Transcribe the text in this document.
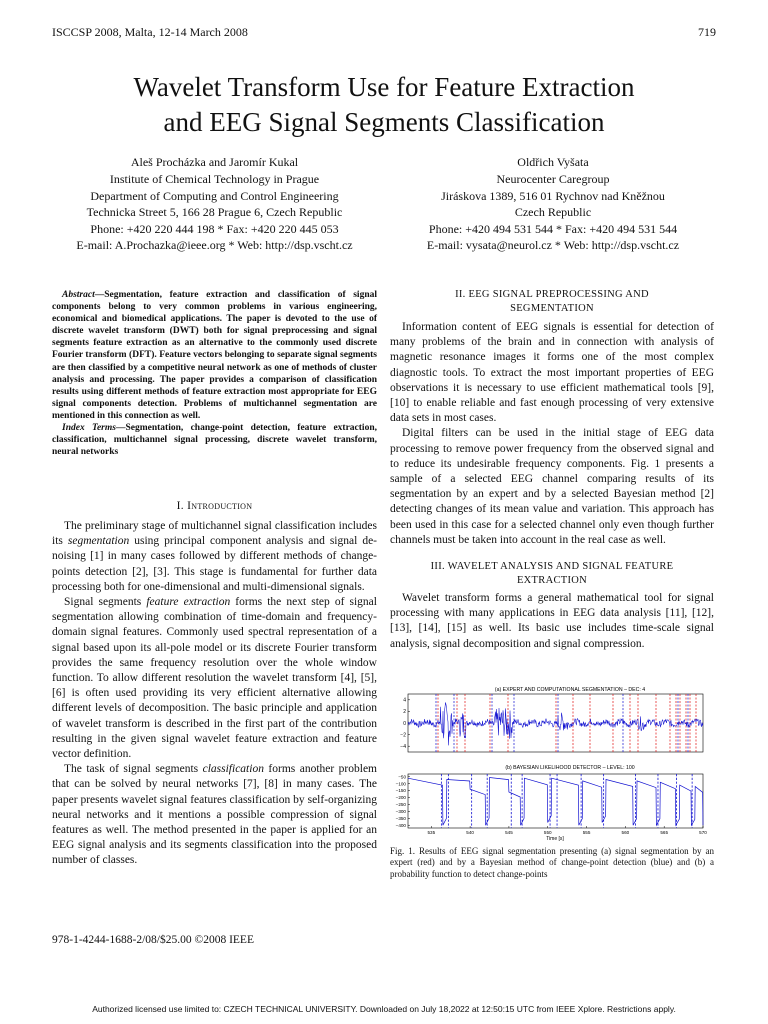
ISCCSP 2008, Malta, 12-14 March 2008	719
Wavelet Transform Use for Feature Extraction
and EEG Signal Segments Classification
Aleš Procházka and Jaromír Kukal
Institute of Chemical Technology in Prague
Department of Computing and Control Engineering
Technicka Street 5, 166 28 Prague 6, Czech Republic
Phone: +420 220 444 198 * Fax: +420 220 445 053
E-mail: A.Prochazka@ieee.org * Web: http://dsp.vscht.cz
Oldřich Vyšata
Neurocenter Caregroup
Jiráskova 1389, 516 01 Rychnov nad Kněžnou
Czech Republic
Phone: +420 494 531 544 * Fax: +420 494 531 544
E-mail: vysata@neurol.cz * Web: http://dsp.vscht.cz
Abstract—Segmentation, feature extraction and classification of signal components belong to very common problems in various engineering, economical and biomedical applications. The paper is devoted to the use of discrete wavelet transform (DWT) both for signal preprocessing and signal segments feature extraction as an alternative to the commonly used discrete Fourier transform (DFT). Feature vectors belonging to separate signal segments are then classified by a competitive neural network as one of methods of cluster analysis and processing. The paper provides a comparison of classification results using different methods of feature extraction most appropriate for EEG signal components detection. Problems of multichannel segmentation are mentioned in this connection as well.
Index Terms—Segmentation, change-point detection, feature extraction, classification, multichannel signal processing, discrete wavelet transform, neural networks
I. Introduction

The preliminary stage of multichannel signal classification includes its segmentation using principal component analysis and signal de-noising [1] in many cases followed by different methods of change-points detection [2], [3]. This stage is fundamental for further data processing both for one-dimensional and multi-dimensional signals.

Signal segments feature extraction forms the next step of signal segmentation allowing combination of time-domain and frequency-domain signal features. Commonly used spectral representation of a signal based upon its all-pole model or its discrete Fourier transform provides the same frequency resolution over the whole window function. To allow different resolution the wavelet transform [4], [5], [6] is often used providing its very efficient alternative allowing different levels of decomposition. The basic principle and application of wavelet transform is described in the first part of the contribution resulting in the given signal wavelet feature extraction and feature vector definition.

The task of signal segments classification forms another problem that can be solved by neural networks [7], [8] in many cases. The paper presents wavelet signal features classification by self-organizing neural networks and it mentions a possible compression of signal features as well. The method presented in the paper is applied for an EEG signal analysis and its segments classification into the proposed number of classes.

II. EEG SIGNAL PREPROCESSING AND
SEGMENTATION

Information content of EEG signals is essential for detection of many problems of the brain and in connection with analysis of magnetic resonance images it forms one of the most complex diagnostic tools. To extract the most important properties of EEG observations it is necessary to use efficient mathematical tools [9], [10] to enable reliable and fast enough processing of very extensive data sets in most cases.

Digital filters can be used in the initial stage of EEG data processing to remove power frequency from the observed signal and to reduce its undesirable frequency components. Fig. 1 presents a sample of a selected EEG channel comparing results of its segmentation by an expert and by a selected Bayesian method [2] detecting changes of its mean value and variation. This approach has been used in this case for a selected channel only even though further channels must be taken into account in the real case as well.

III. WAVELET ANALYSIS AND SIGNAL FEATURE
EXTRACTION

Wavelet transform forms a general mathematical tool for signal processing with many applications in EEG data analysis [11], [12], [13], [14], [15] as well. Its basic use includes time-scale signal analysis, signal decomposition and signal compression.

(a) EXPERT AND COMPUTATIONAL SEGMENTATION – DEC: 4
4
2
0
−2
−4
(b) BAYESIAN LIKELIHOOD DETECTOR – LEVEL: 100
−50
−100
−150
−200
−250
−300
−350
−400
535	540	545	550	555	560	565	570
Time [s]
Fig. 1. Results of EEG signal segmentation presenting (a) signal segmentation by an expert (red) and by a Bayesian method of change-point detection (blue) and (b) a probability function to detect change-points
978-1-4244-1688-2/08/$25.00 ©2008 IEEE
Authorized licensed use limited to: CZECH TECHNICAL UNIVERSITY. Downloaded on July 18,2022 at 12:50:15 UTC from IEEE Xplore. Restrictions apply.
